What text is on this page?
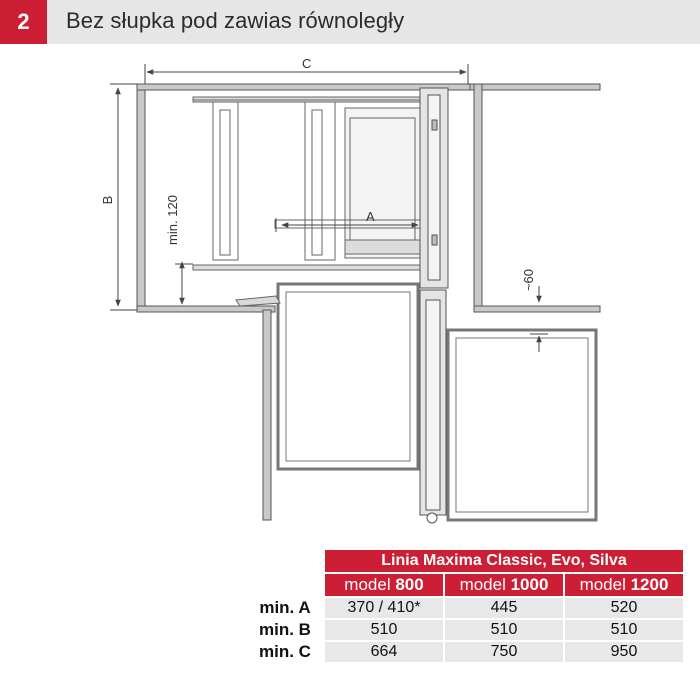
2	Bez słupka pod zawias równoległy
C
B
A
min. 120
~60
	Linia Maxima Classic, Evo, Silva		
	model 800	model 1000	model 1200
min. A	370 / 410*	445	520
min. B	510	510	510
min. C	664	750	950
